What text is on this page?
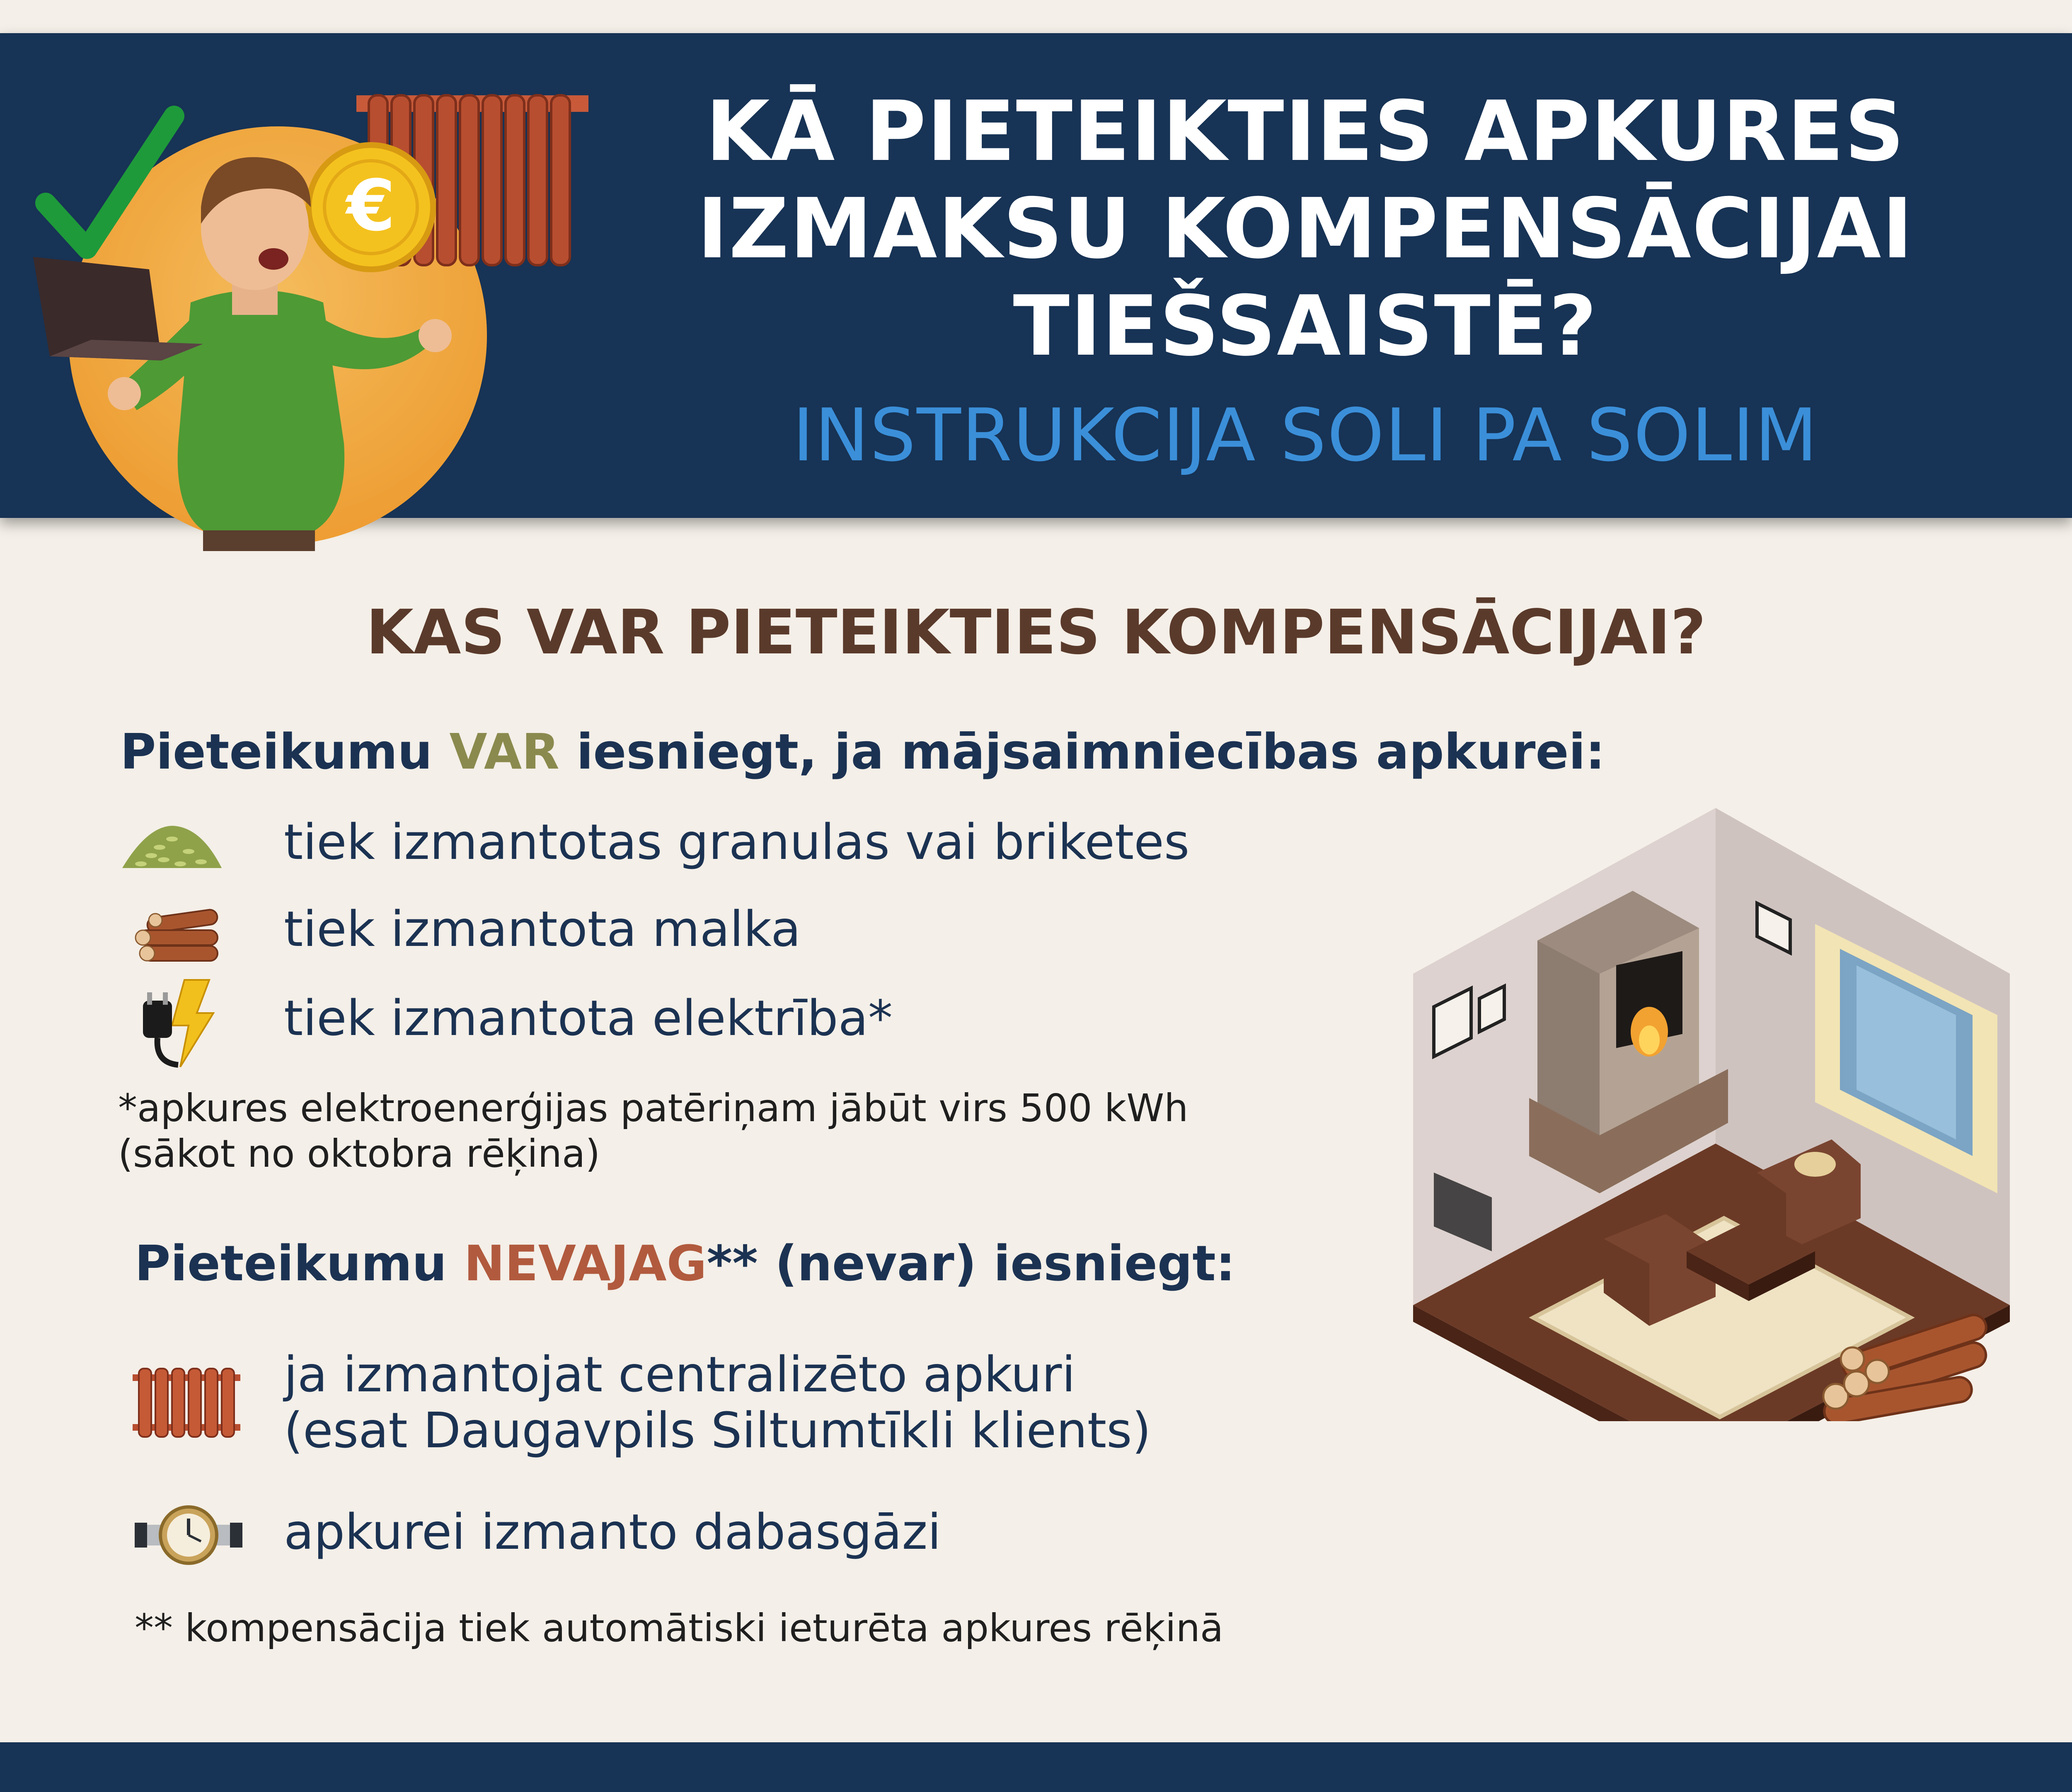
€
KĀ PIETEIKTIES APKURES
IZMAKSU KOMPENSĀCIJAI
TIEŠSAISTĒ?
INSTRUKCIJA SOLI PA SOLIM
KAS VAR PIETEIKTIES KOMPENSĀCIJAI?
Pieteikumu VAR iesniegt, ja mājsaimniecības apkurei:
tiek izmantotas granulas vai briketes
tiek izmantota malka
tiek izmantota elektrība*
*apkures elektroenerģijas patēriņam jābūt virs 500 kWh
(sākot no oktobra rēķina)
Pieteikumu NEVAJAG** (nevar) iesniegt:
ja izmantojat centralizēto apkuri
(esat Daugavpils Siltumtīkli klients)
apkurei izmanto dabasgāzi
** kompensācija tiek automātiski ieturēta apkures rēķinā
